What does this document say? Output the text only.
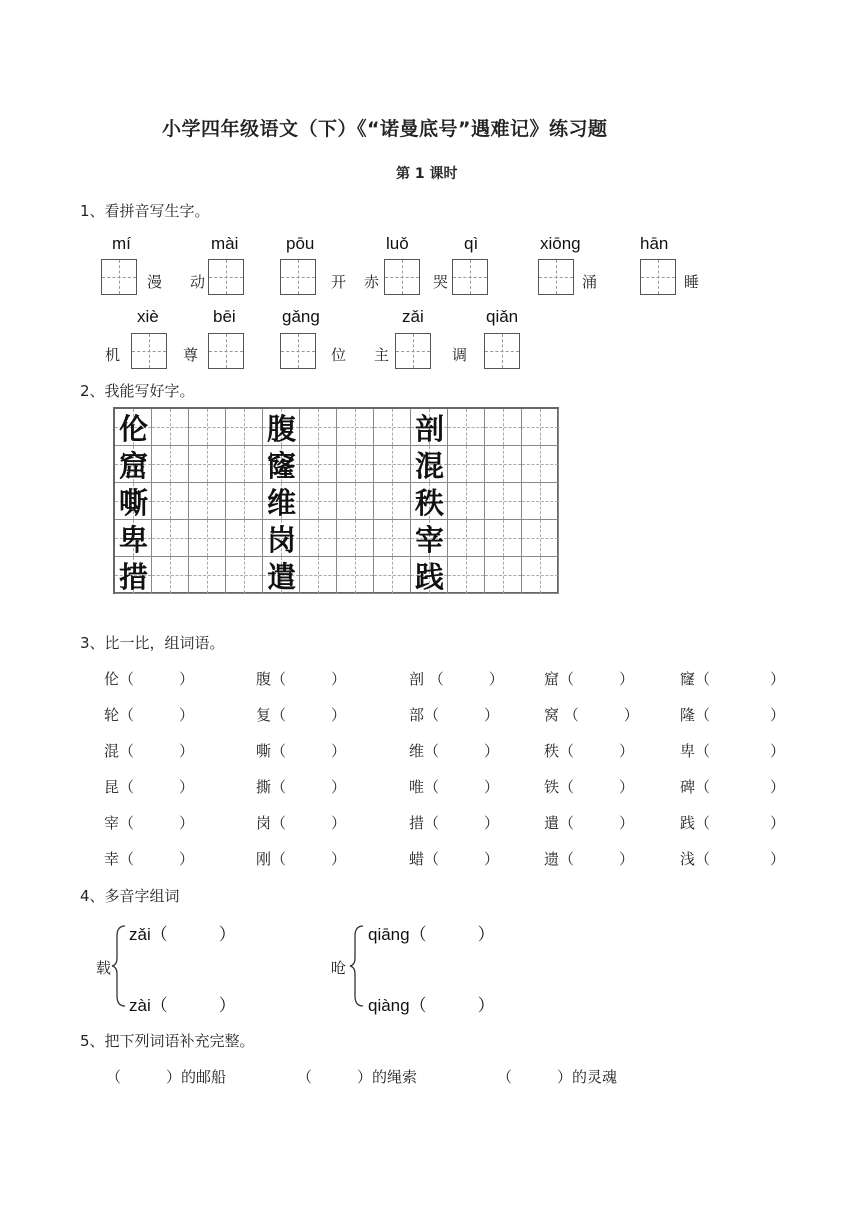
小学四年级语文（下）《“诺曼底号”遇难记》练习题
第 1 课时
1、看拼音写生字。
mí	mài	pōu	luǒ	qì	xiōng	hān
漫 动	开 赤	哭	涌	睡
xiè	bēi	gǎng	zǎi	qiǎn
机	尊	位 主	调
2、我能写好字。
伦	腹	剖
窟	窿	混
嘶	维	秩
卑	岗	宰
措	遣	践
3、比一比，组词语。
伦（　　　）	腹（　　　）	剖 （　　　）	窟（　　　）	窿（　　　　）
轮（　　　）	复（　　　）	部（　　　）	窝 （　　　）	隆（　　　　）
混（　　　）	嘶（　　　）	维（　　　）	秩（　　　）	卑（　　　　）
昆（　　　）	撕（　　　）	唯（　　　）	铁（　　　）	碑（　　　　）
宰（　　　）	岗（　　　）	措（　　　）	遣（　　　）	践（　　　　）
幸（　　　）	刚（　　　）	蜡（　　　）	遗（　　　）	浅（　　　　）
4、多音字组词
载
zǎi（　　　）
zài（　　　）
呛
qiāng（　　　）
qiàng（　　　）
5、把下列词语补充完整。
（　　　）的邮船	（　　　）的绳索	（　　　）的灵魂
